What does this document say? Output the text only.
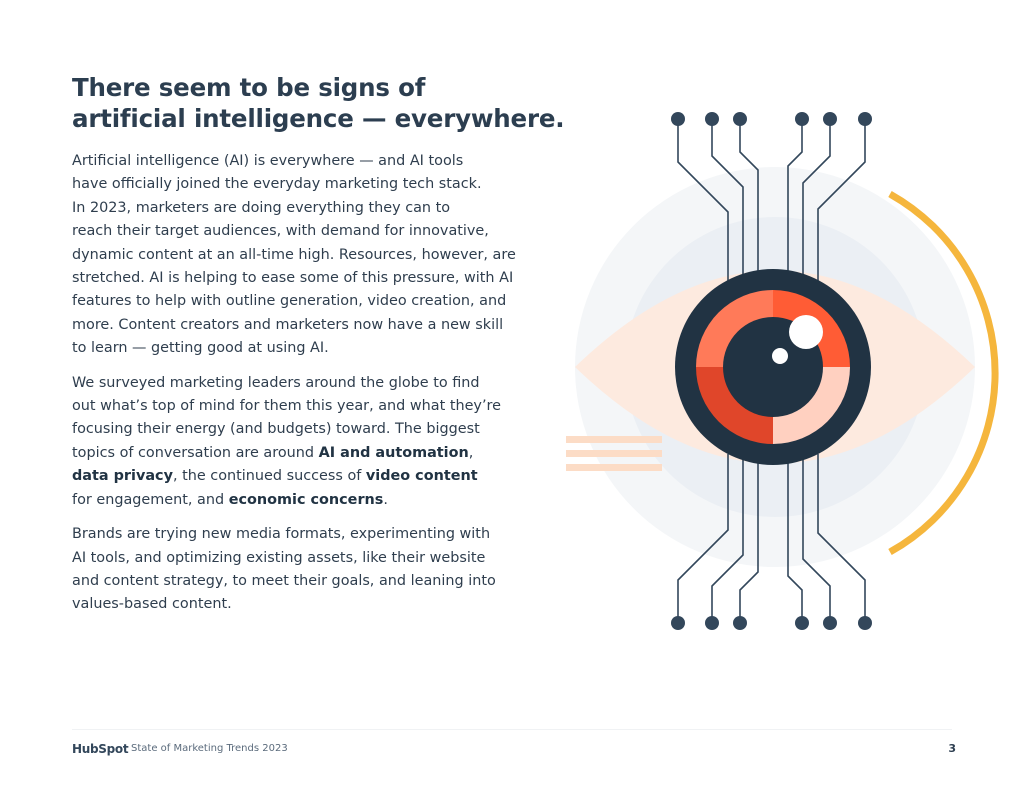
There seem to be signs of
artificial intelligence — everywhere.

Artificial intelligence (AI) is everywhere — and AI tools
have officially joined the everyday marketing tech stack.
In 2023, marketers are doing everything they can to
reach their target audiences, with demand for innovative,
dynamic content at an all-time high. Resources, however, are
stretched. AI is helping to ease some of this pressure, with AI
features to help with outline generation, video creation, and
more. Content creators and marketers now have a new skill
to learn — getting good at using AI.

We surveyed marketing leaders around the globe to find
out what’s top of mind for them this year, and what they’re
focusing their energy (and budgets) toward. The biggest
topics of conversation are around AI and automation,
data privacy, the continued success of video content
for engagement, and economic concerns.

Brands are trying new media formats, experimenting with
AI tools, and optimizing existing assets, like their website
and content strategy, to meet their goals, and leaning into
values-based content.

HubSpot State of Marketing Trends 2023	3
